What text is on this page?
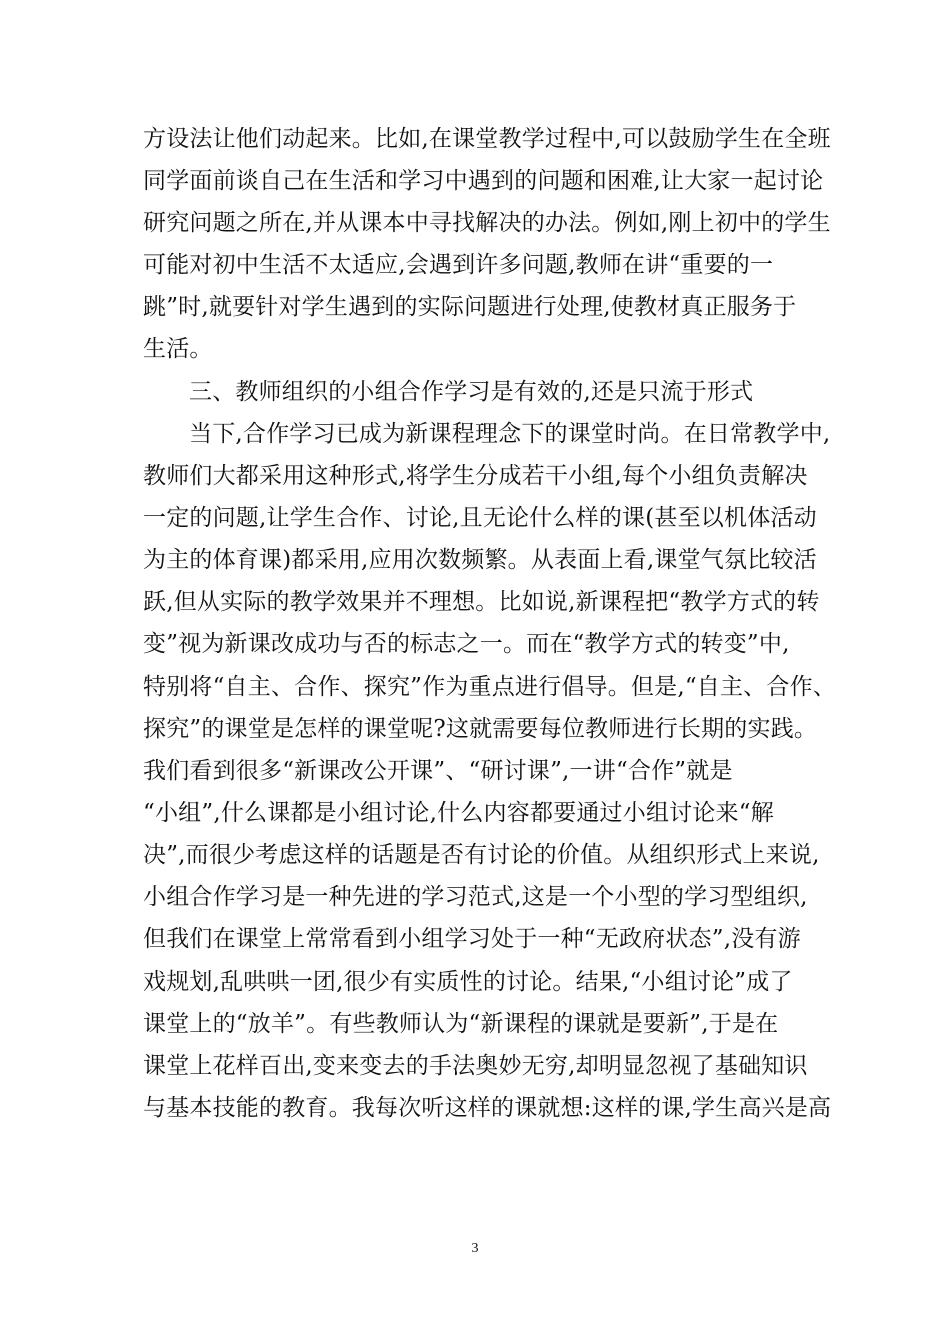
方设法让他们动起来。比如,在课堂教学过程中,可以鼓励学生在全班
同学面前谈自己在生活和学习中遇到的问题和困难,让大家一起讨论
研究问题之所在,并从课本中寻找解决的办法。例如,刚上初中的学生
可能对初中生活不太适应,会遇到许多问题,教师在讲“重要的一
跳”时,就要针对学生遇到的实际问题进行处理,使教材真正服务于
生活。
三、教师组织的小组合作学习是有效的,还是只流于形式
当下,合作学习已成为新课程理念下的课堂时尚。在日常教学中,
教师们大都采用这种形式,将学生分成若干小组,每个小组负责解决
一定的问题,让学生合作、讨论,且无论什么样的课(甚至以机体活动
为主的体育课)都采用,应用次数频繁。从表面上看,课堂气氛比较活
跃,但从实际的教学效果并不理想。比如说,新课程把“教学方式的转
变”视为新课改成功与否的标志之一。而在“教学方式的转变”中,
特别将“自主、合作、探究”作为重点进行倡导。但是,“自主、合作、
探究”的课堂是怎样的课堂呢?这就需要每位教师进行长期的实践。
我们看到很多“新课改公开课”、“研讨课”,一讲“合作”就是
“小组”,什么课都是小组讨论,什么内容都要通过小组讨论来“解
决”,而很少考虑这样的话题是否有讨论的价值。从组织形式上来说,
小组合作学习是一种先进的学习范式,这是一个小型的学习型组织,
但我们在课堂上常常看到小组学习处于一种“无政府状态”,没有游
戏规划,乱哄哄一团,很少有实质性的讨论。结果,“小组讨论”成了
课堂上的“放羊”。有些教师认为“新课程的课就是要新”,于是在
课堂上花样百出,变来变去的手法奥妙无穷,却明显忽视了基础知识
与基本技能的教育。我每次听这样的课就想:这样的课,学生高兴是高
3
